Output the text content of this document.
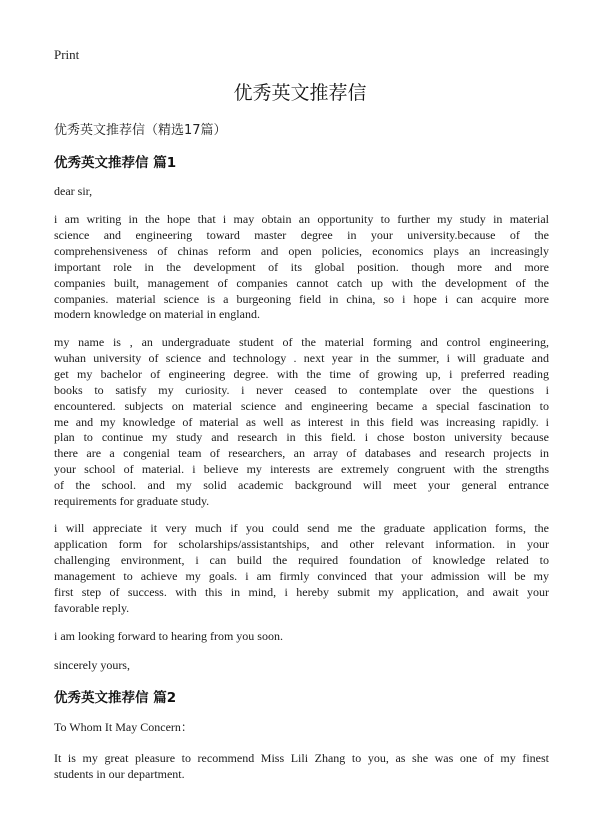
Print
优秀英文推荐信
优秀英文推荐信（精选17篇）
优秀英文推荐信 篇1

dear sir,

i am writing in the hope that i may obtain an opportunity to further my study in material
science and engineering toward master degree in your university.because of the
comprehensiveness of chinas reform and open policies, economics plays an increasingly
important role in the development of its global position. though more and more
companies built, management of companies cannot catch up with the development of the
companies. material science is a burgeoning field in china, so i hope i can acquire more
modern knowledge on material in england.

my name is , an undergraduate student of the material forming and control engineering,
wuhan university of science and technology . next year in the summer, i will graduate and
get my bachelor of engineering degree. with the time of growing up, i preferred reading
books to satisfy my curiosity. i never ceased to contemplate over the questions i
encountered. subjects on material science and engineering became a special fascination to
me and my knowledge of material as well as interest in this field was increasing rapidly. i
plan to continue my study and research in this field. i chose boston university because
there are a congenial team of researchers, an array of databases and research projects in
your school of material. i believe my interests are extremely congruent with the strengths
of the school. and my solid academic background will meet your general entrance
requirements for graduate study.

i will appreciate it very much if you could send me the graduate application forms, the
application form for scholarships/assistantships, and other relevant information. in your
challenging environment, i can build the required foundation of knowledge related to
management to achieve my goals. i am firmly convinced that your admission will be my
first step of success. with this in mind, i hereby submit my application, and await your
favorable reply.

i am looking forward to hearing from you soon.

sincerely yours,

优秀英文推荐信 篇2

To Whom It May Concern：

It is my great pleasure to recommend Miss Lili Zhang to you, as she was one of my finest
students in our department.
